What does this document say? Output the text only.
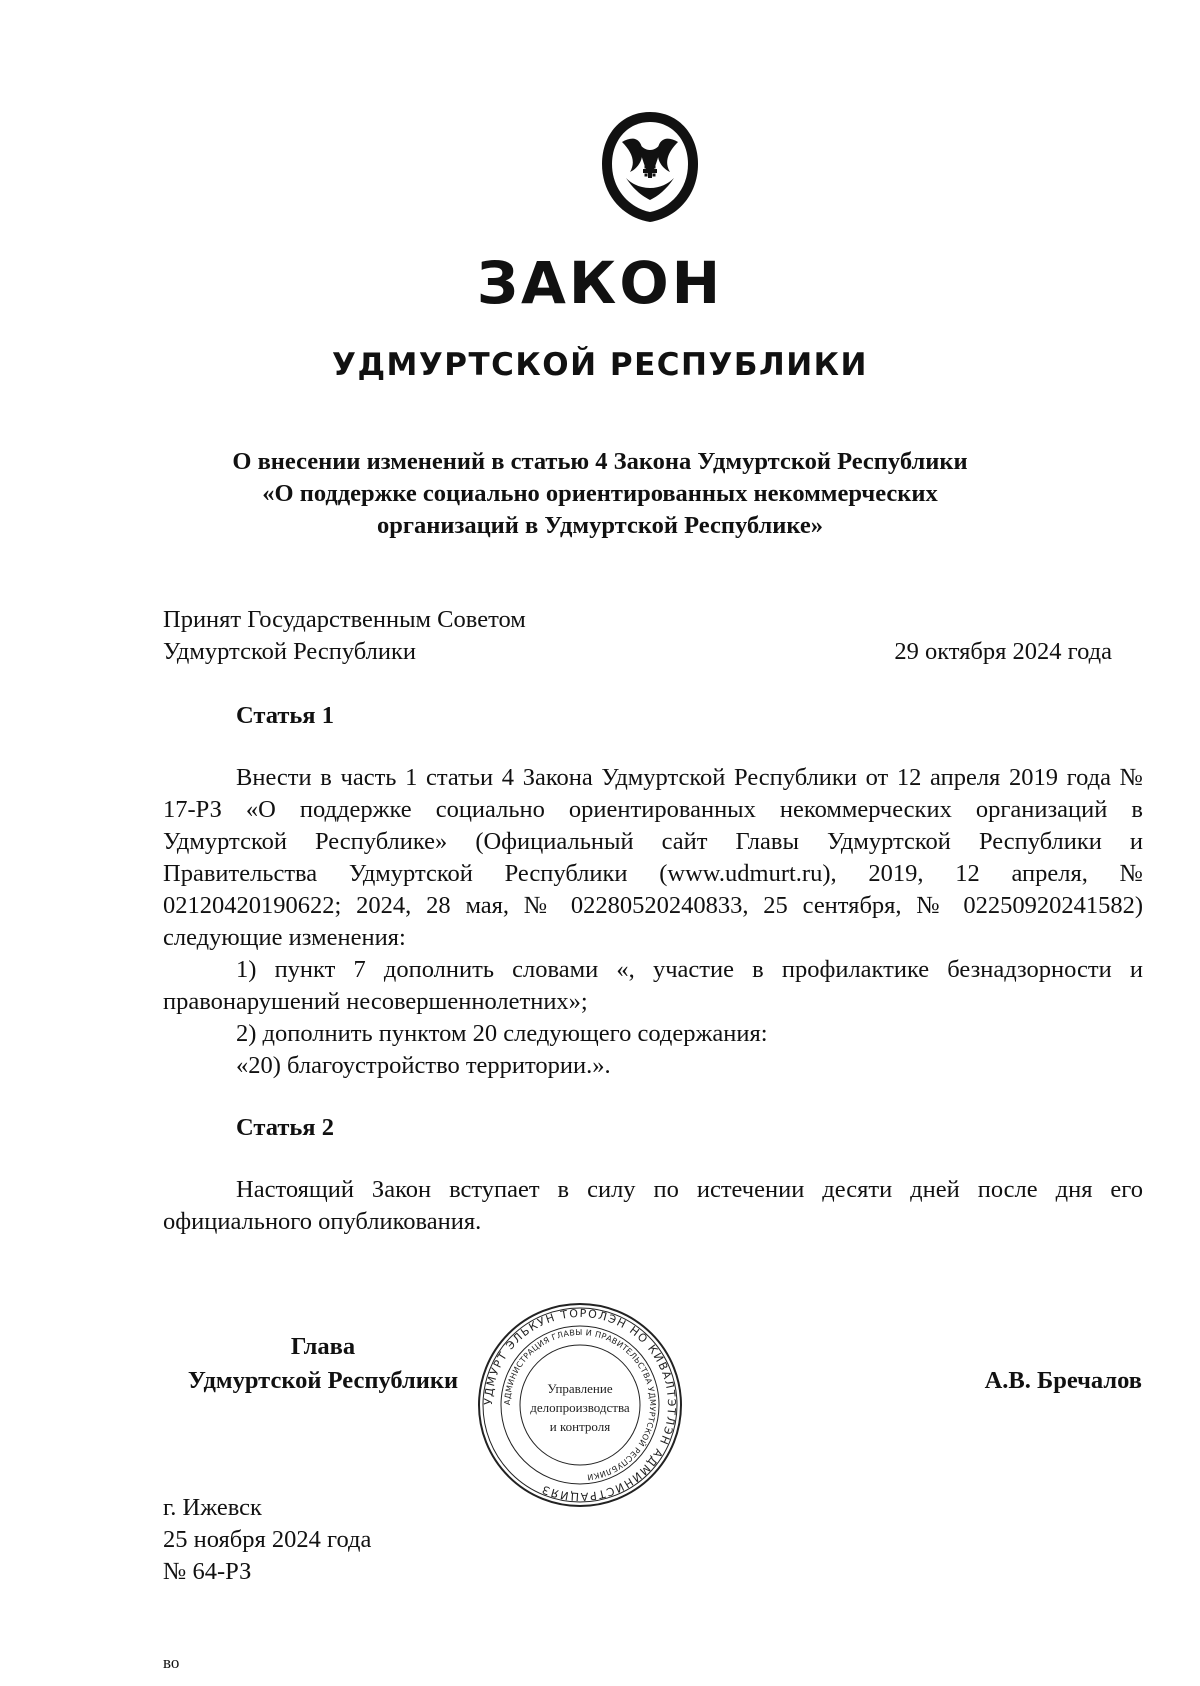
ЗАКОН
УДМУРТСКОЙ РЕСПУБЛИКИ
О внесении изменений в статью 4 Закона Удмуртской Республики
«О поддержке социально ориентированных некоммерческих
организаций в Удмуртской Республике»
Принят Государственным Советом
Удмуртской Республики	29 октября 2024 года
Статья 1

Внести в часть 1 статьи 4 Закона Удмуртской Республики от 12 апреля 2019 года № 17-РЗ «О поддержке социально ориентированных некоммерческих организаций в Удмуртской Республике» (Официальный сайт Главы Удмуртской Республики и Правительства Удмуртской Республики (www.udmurt.ru), 2019, 12 апреля, № 02120420190622; 2024, 28 мая, № 02280520240833, 25 сентября, № 02250920241582) следующие изменения:

1) пункт 7 дополнить словами «, участие в профилактике безнадзорности и правонарушений несовершеннолетних»;

2) дополнить пунктом 20 следующего содержания:

«20) благоустройство территории.».

Статья 2

Настоящий Закон вступает в силу по истечении десяти дней после дня его официального опубликования.

Глава
Удмуртской Республики	А.В. Бречалов
УДМУРТ ЭЛЬКУН ТОРОЛЭН НО КИВАЛТЭТЛЭН АДМИНИСТРАЦИЯЗ
АДМИНИСТРАЦИЯ ГЛАВЫ И ПРАВИТЕЛЬСТВА УДМУРТСКОЙ РЕСПУБЛИКИ
Управление
делопроизводства
и контроля
г. Ижевск
25 ноября 2024 года
№ 64-РЗ
во
